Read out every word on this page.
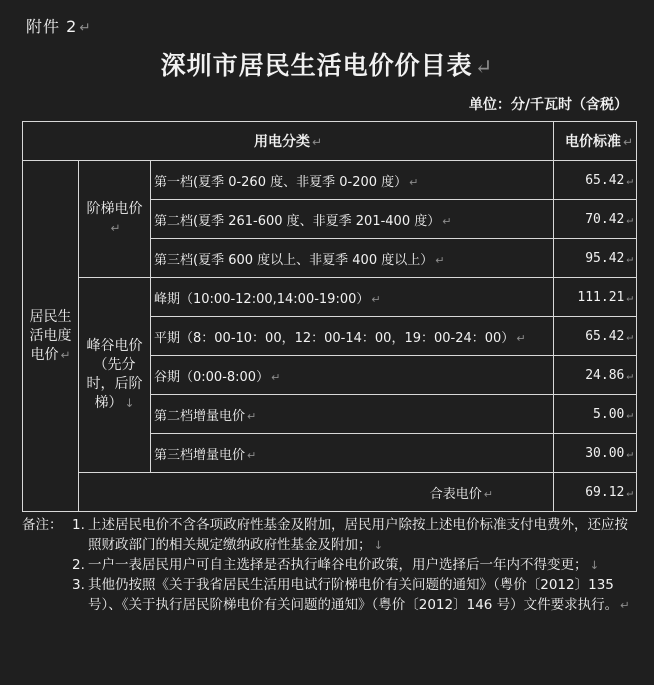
附件 2 ↵
深圳市居民生活电价价目表↵
单位：分/千瓦时（含税）
用电分类 ↵			电价标准 ↵
居民生活电度电价 ↵	阶梯电价↵	第一档(夏季 0-260 度、非夏季 0-200 度） ↵	65.42 ↵
		第二档(夏季 261-600 度、非夏季 201-400 度） ↵	70.42 ↵
		第三档(夏季 600 度以上、非夏季 400 度以上） ↵	95.42 ↵
	峰谷电价（先分时，后阶梯） ↓	峰期（10:00-12:00,14:00-19:00） ↵	111.21 ↵
		平期（8：00-10：00，12：00-14：00，19：00-24：00） ↵	65.42 ↵
		谷期（0:00-8:00） ↵	24.86 ↵
		第二档增量电价 ↵	5.00 ↵
		第三档增量电价 ↵	30.00 ↵
	合表电价 ↵		69.12 ↵
备注： 1. 上述居民电价不含各项政府性基金及附加，居民用户除按上述电价标准支付电费外，还应按照财政部门的相关规定缴纳政府性基金及附加； ↓
2. 一户一表居民用户可自主选择是否执行峰谷电价政策，用户选择后一年内不得变更； ↓
3. 其他仍按照《关于我省居民生活用电试行阶梯电价有关问题的通知》（粤价〔2012〕135 号）、《关于执行居民阶梯电价有关问题的通知》（粤价〔2012〕146 号）文件要求执行。 ↵
